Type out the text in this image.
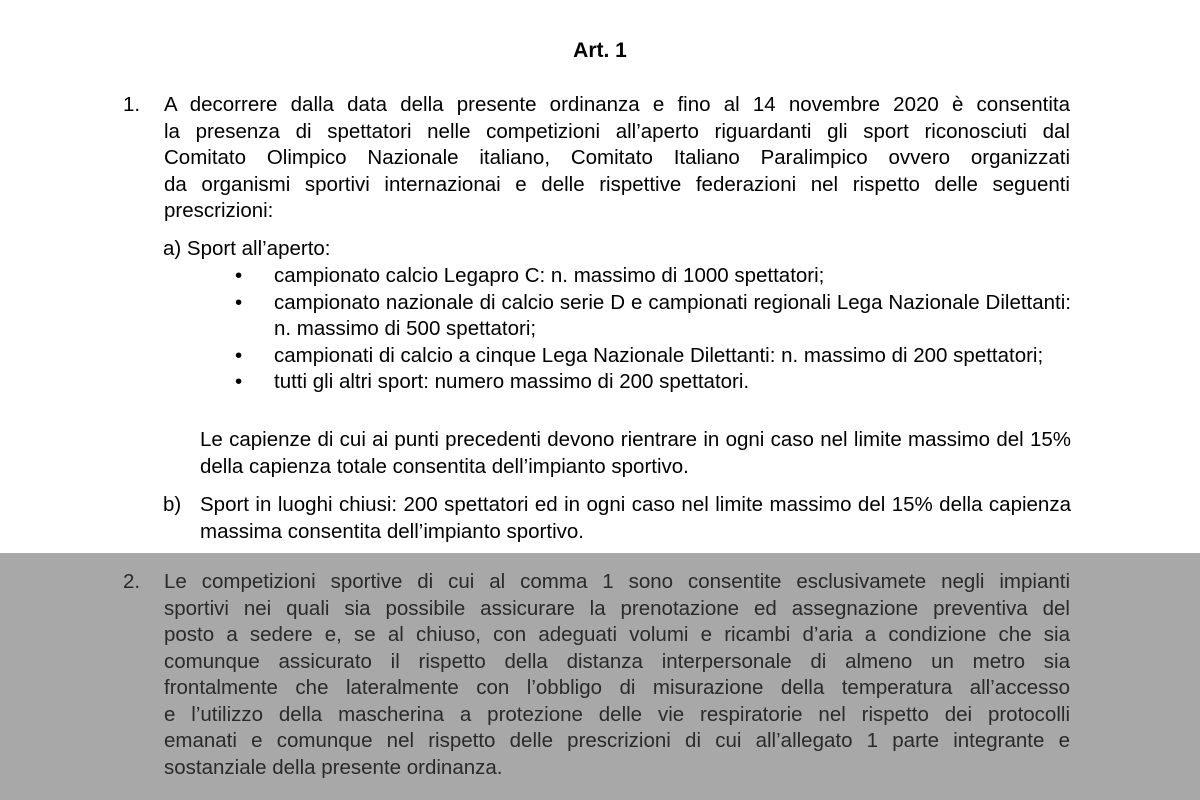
Art. 1
1. A decorrere dalla data della presente ordinanza e fino al 14 novembre 2020 è consentita
la presenza di spettatori nelle competizioni all’aperto riguardanti gli sport riconosciuti dal
Comitato Olimpico Nazionale italiano, Comitato Italiano Paralimpico ovvero organizzati
da organismi sportivi internazionai e delle rispettive federazioni nel rispetto delle seguenti
prescrizioni:
a) Sport all’aperto:
• campionato calcio Legapro C: n. massimo di 1000 spettatori;
• campionato nazionale di calcio serie D e campionati regionali Lega Nazionale Dilettanti: n. massimo di 500 spettatori;
• campionati di calcio a cinque Lega Nazionale Dilettanti: n. massimo di 200 spettatori;
• tutti gli altri sport: numero massimo di 200 spettatori.
Le capienze di cui ai punti precedenti devono rientrare in ogni caso nel limite massimo del 15% della capienza totale consentita dell’impianto sportivo.
b) Sport in luoghi chiusi: 200 spettatori ed in ogni caso nel limite massimo del 15% della capienza massima consentita dell’impianto sportivo.
2. Le competizioni sportive di cui al comma 1 sono consentite esclusivamete negli impianti
sportivi nei quali sia possibile assicurare la prenotazione ed assegnazione preventiva del
posto a sedere e, se al chiuso, con adeguati volumi e ricambi d’aria a condizione che sia
comunque assicurato il rispetto della distanza interpersonale di almeno un metro sia
frontalmente che lateralmente con l’obbligo di misurazione della temperatura all’accesso
e l’utilizzo della mascherina a protezione delle vie respiratorie nel rispetto dei protocolli
emanati e comunque nel rispetto delle prescrizioni di cui all’allegato 1 parte integrante e
sostanziale della presente ordinanza.
